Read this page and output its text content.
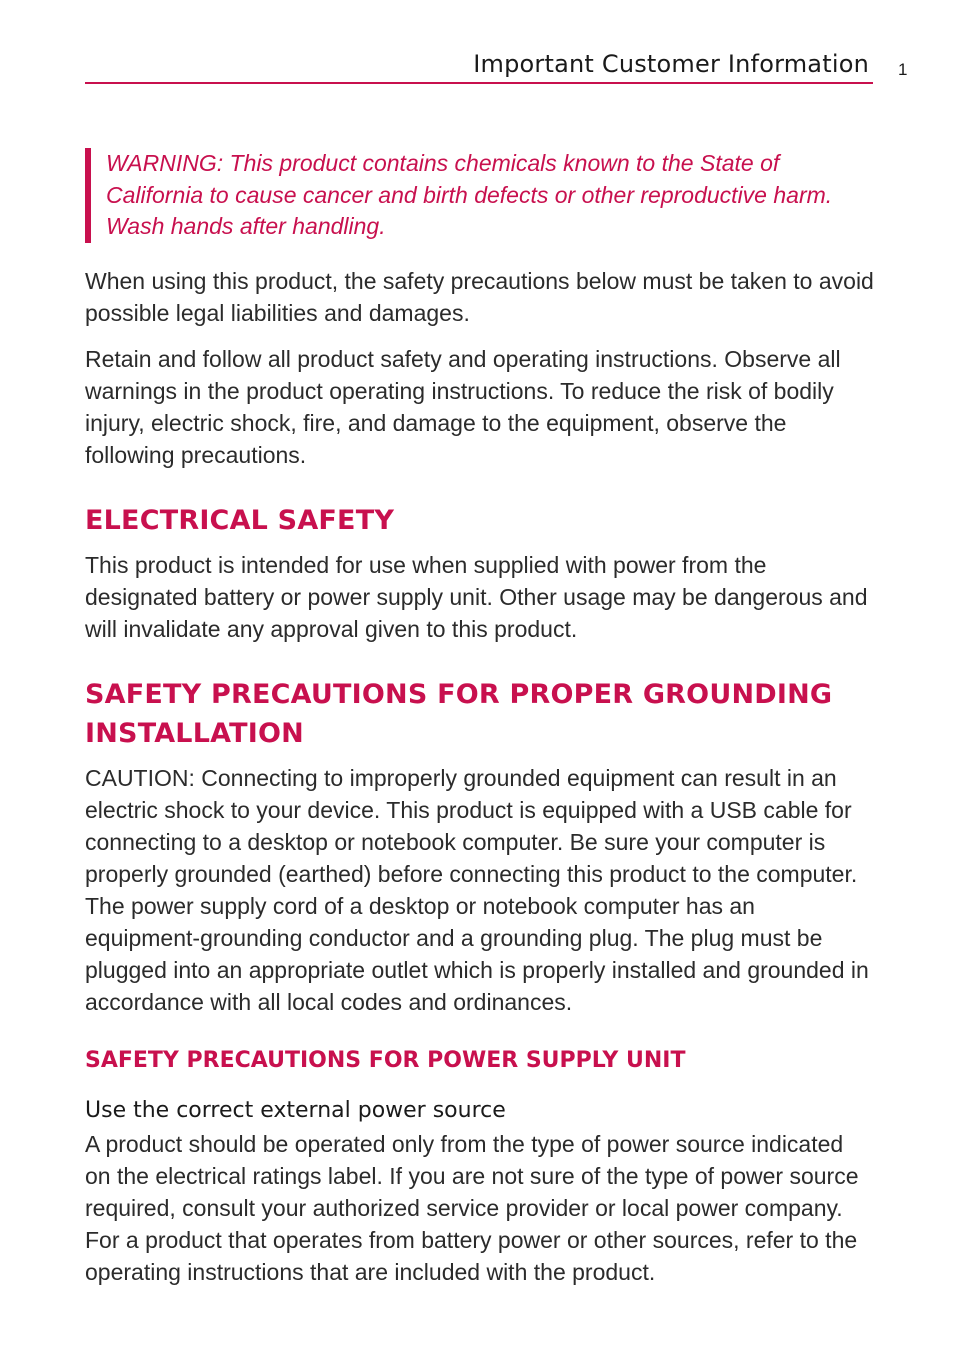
Important Customer Information 1
WARNING: This product contains chemicals known to the State of California to cause cancer and birth defects or other reproductive harm. Wash hands after handling.

When using this product, the safety precautions below must be taken to avoid possible legal liabilities and damages.

Retain and follow all product safety and operating instructions. Observe all warnings in the product operating instructions. To reduce the risk of bodily injury, electric shock, fire, and damage to the equipment, observe the following precautions.

ELECTRICAL SAFETY

This product is intended for use when supplied with power from the designated battery or power supply unit. Other usage may be dangerous and will invalidate any approval given to this product.

SAFETY PRECAUTIONS FOR PROPER GROUNDING INSTALLATION

CAUTION: Connecting to improperly grounded equipment can result in an electric shock to your device. This product is equipped with a USB cable for connecting to a desktop or notebook computer. Be sure your computer is properly grounded (earthed) before connecting this product to the computer. The power supply cord of a desktop or notebook computer has an equipment-grounding conductor and a grounding plug. The plug must be plugged into an appropriate outlet which is properly installed and grounded in accordance with all local codes and ordinances.

SAFETY PRECAUTIONS FOR POWER SUPPLY UNIT
Use the correct external power source

A product should be operated only from the type of power source indicated on the electrical ratings label. If you are not sure of the type of power source required, consult your authorized service provider or local power company. For a product that operates from battery power or other sources, refer to the operating instructions that are included with the product.
